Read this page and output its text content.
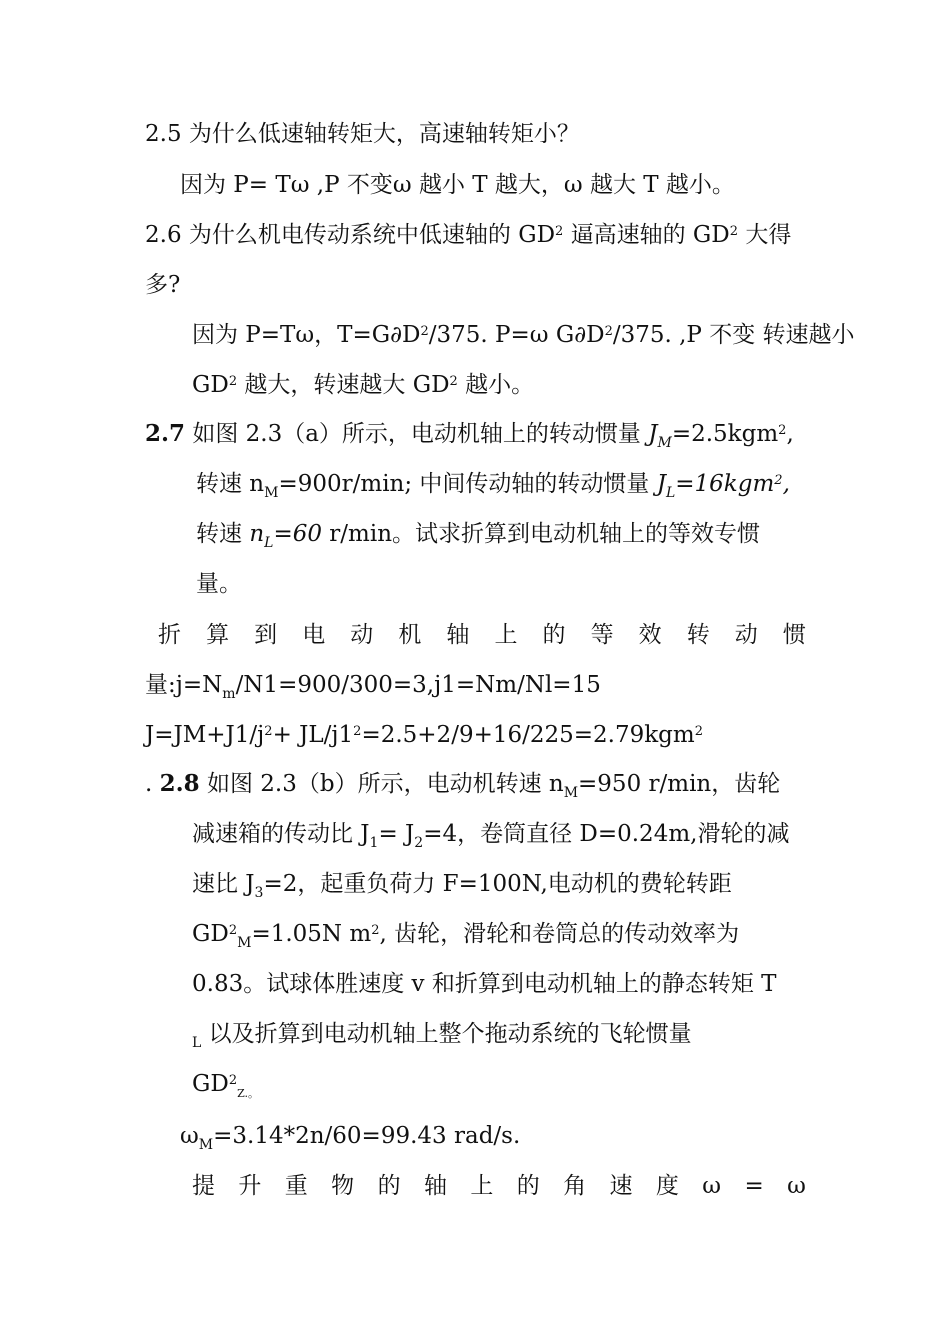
2.5 为什么低速轴转矩大，高速轴转矩小？
因为 P= Tω ,P 不变ω 越小 T 越大，ω 越大 T 越小。
2.6 为什么机电传动系统中低速轴的 $GD^2$ 逼高速轴的 $GD^2$ 大得
多?
因为 P=Tω，$T=G\partial D^2/375$. P=ω $G\partial D^2/375$. ,P 不变 转速越小
$GD^2$ 越大，转速越大 $GD^2$ 越小。
2.7 如图 2.3（a）所示，电动机轴上的转动惯量 $J_M=2.5kgm^2$,
转速 $n_M=900r/\min$; 中间传动轴的转动惯量 $J_L=16kgm^2$,
转速 $n_L=60$ r/min。试求折算到电动机轴上的等效专惯
量。
折 算 到 电 动 机 轴 上 的 等 效 转 动 惯
量$:j=N_m/N1=900/300=3,j1=Nm/Nl=15$
$J=JM+J1/j^2+ JL/j1^2=2.5+2/9+16/225=2.79kgm^2$
. 2.8 如图 2.3（b）所示，电动机转速 $n_M=950$ r/min，齿轮
减速箱的传动比 $J_1= J_2=4$，卷筒直径 D=0.24m,滑轮的减
速比 $J_3=2$，起重负荷力 F=100N,电动机的费轮转距
$GD^2_M=1.05N$ $m^2$, 齿轮，滑轮和卷筒总的传动效率为
0.83。试球体胜速度 v 和折算到电动机轴上的静态转矩 T
$_L$ 以及折算到电动机轴上整个拖动系统的飞轮惯量
$GD^2_{Z.。}$
$\omega_M=3.14*2n/60=99.43$ rad/s.
提 升 重 物 的 轴 上 的 角 速 度 ω = ω
